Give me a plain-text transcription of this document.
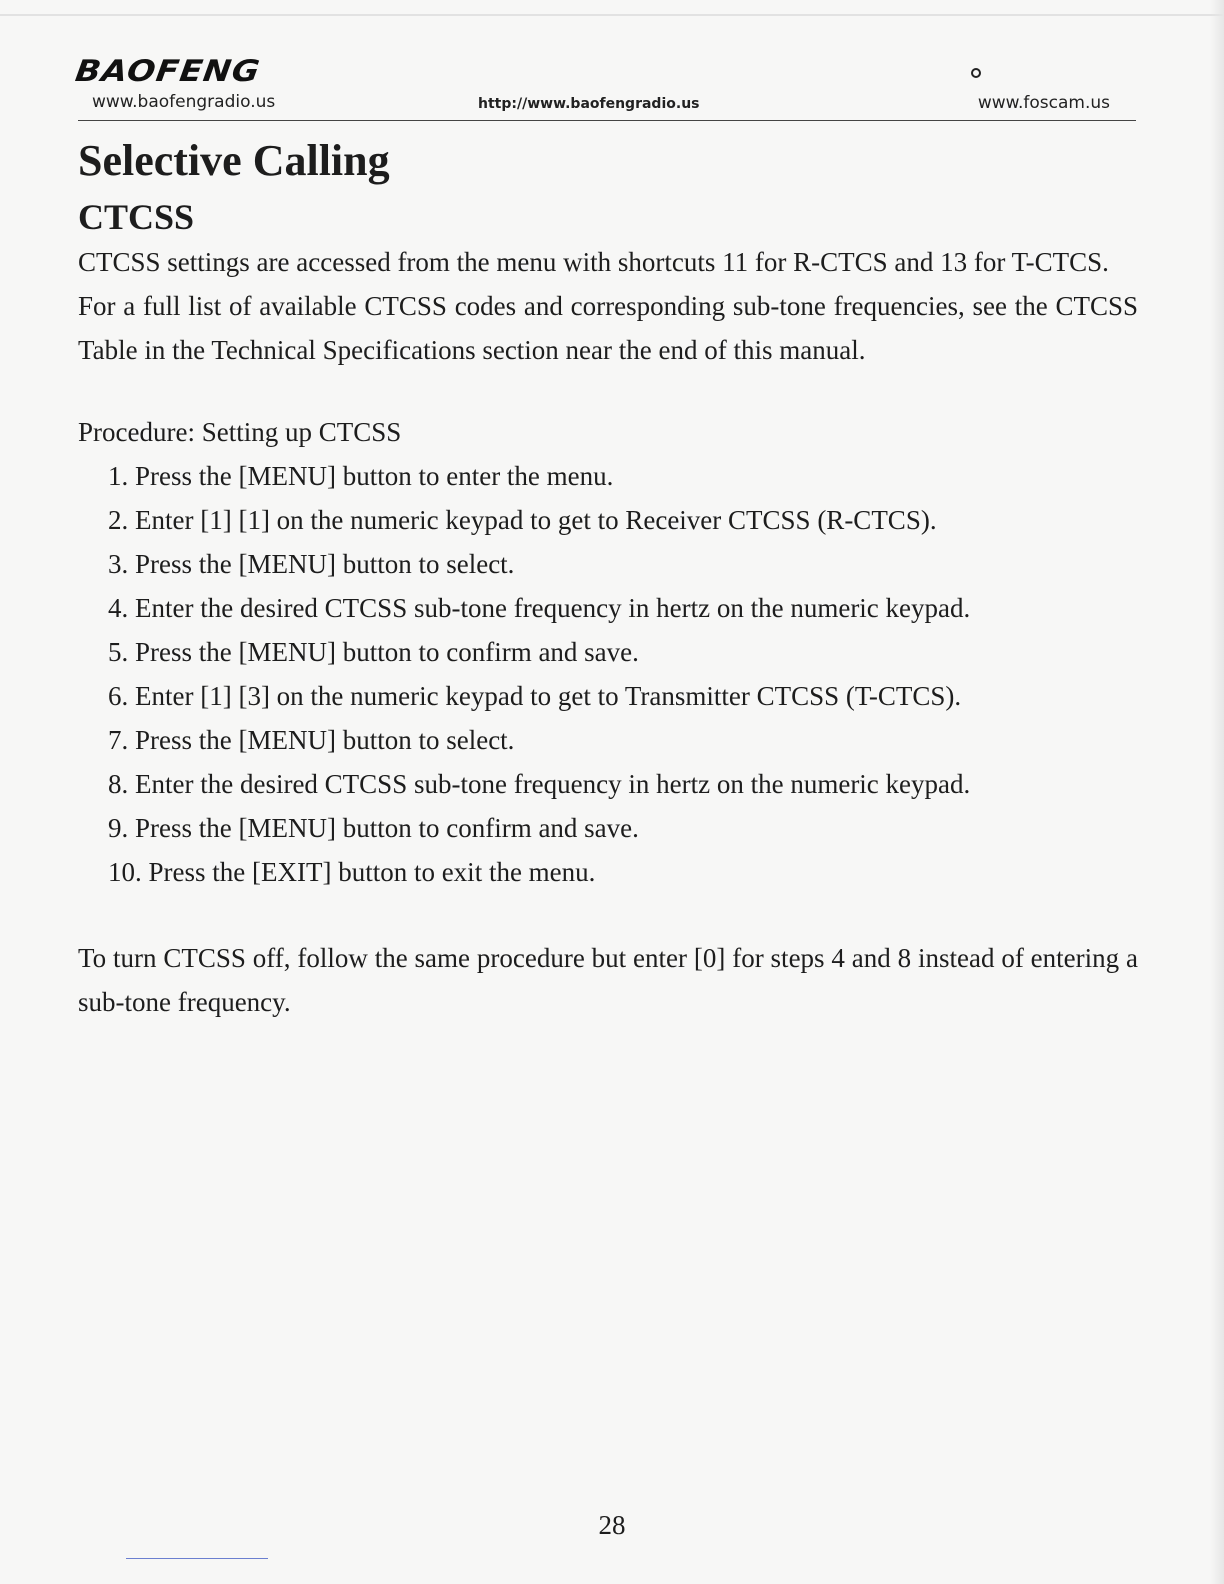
BAOFENG
www.baofengradio.us	http://www.baofengradio.us	www.foscam.us
Selective Calling
CTCSS

CTCSS settings are accessed from the menu with shortcuts 11 for R-CTCS and 13 for T-CTCS.

For a full list of available CTCSS codes and corresponding sub-tone frequencies, see the CTCSS Table in the Technical Specifications section near the end of this manual.

Procedure: Setting up CTCSS

1. Press the [MENU] button to enter the menu.
2. Enter [1] [1] on the numeric keypad to get to Receiver CTCSS (R-CTCS).
3. Press the [MENU] button to select.
4. Enter the desired CTCSS sub-tone frequency in hertz on the numeric keypad.
5. Press the [MENU] button to confirm and save.
6. Enter [1] [3] on the numeric keypad to get to Transmitter CTCSS (T-CTCS).
7. Press the [MENU] button to select.
8. Enter the desired CTCSS sub-tone frequency in hertz on the numeric keypad.
9. Press the [MENU] button to confirm and save.
10. Press the [EXIT] button to exit the menu.

To turn CTCSS off, follow the same procedure but enter [0] for steps 4 and 8 instead of entering a sub-tone frequency.

28
